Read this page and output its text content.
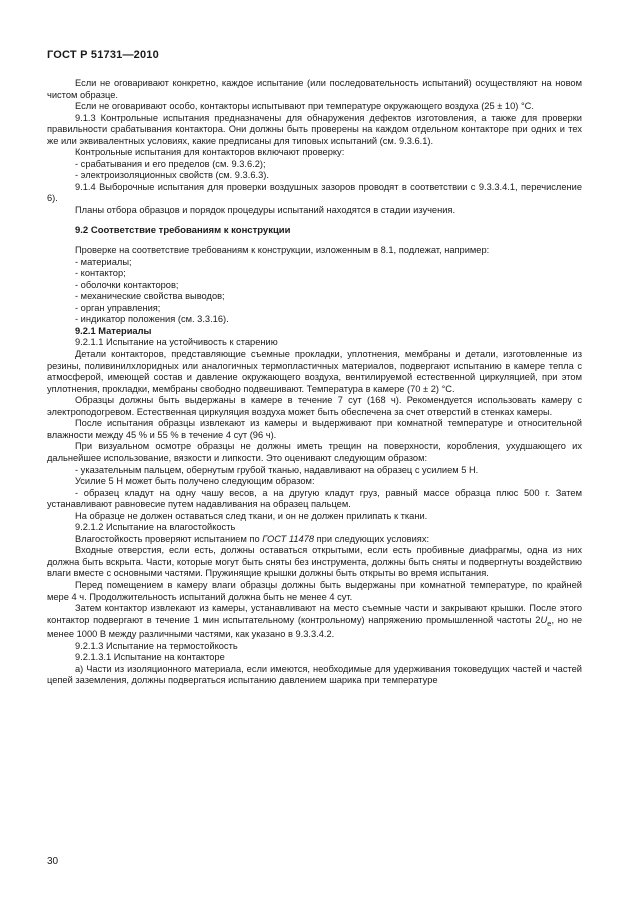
ГОСТ Р 51731—2010

Если не оговаривают конкретно, каждое испытание (или последовательность испытаний) осуществляют на новом чистом образце.

Если не оговаривают особо, контакторы испытывают при температуре окружающего воздуха (25 ± 10) °С.

9.1.3 Контрольные испытания предназначены для обнаружения дефектов изготовления, а также для проверки правильности срабатывания контактора. Они должны быть проверены на каждом отдельном контакторе при одних и тех же или эквивалентных условиях, какие предписаны для типовых испытаний (см. 9.3.6.1).

Контрольные испытания для контакторов включают проверку:

- срабатывания и его пределов (см. 9.3.6.2);

- электроизоляционных свойств (см. 9.3.6.3).

9.1.4 Выборочные испытания для проверки воздушных зазоров проводят в соответствии с 9.3.3.4.1, перечисление 6).

Планы отбора образцов и порядок процедуры испытаний находятся в стадии изучения.

9.2 Соответствие требованиям к конструкции

Проверке на соответствие требованиям к конструкции, изложенным в 8.1, подлежат, например:

- материалы;

- контактор;

- оболочки контакторов;

- механические свойства выводов;

- орган управления;

- индикатор положения (см. 3.3.16).

9.2.1 Материалы

9.2.1.1 Испытание на устойчивость к старению

Детали контакторов, представляющие съемные прокладки, уплотнения, мембраны и детали, изготовленные из резины, поливинилхлоридных или аналогичных термопластичных материалов, подвергают испытанию в камере тепла с атмосферой, имеющей состав и давление окружающего воздуха, вентилируемой естественной циркуляцией, при этом уплотнения, прокладки, мембраны свободно подвешивают. Температура в камере (70 ± 2) °С.

Образцы должны быть выдержаны в камере в течение 7 сут (168 ч). Рекомендуется использовать камеру с электроподогревом. Естественная циркуляция воздуха может быть обеспечена за счет отверстий в стенках камеры.

После испытания образцы извлекают из камеры и выдерживают при комнатной температуре и относительной влажности между 45 % и 55 % в течение 4 сут (96 ч).

При визуальном осмотре образцы не должны иметь трещин на поверхности, коробления, ухудшающего их дальнейшее использование, вязкости и липкости. Это оценивают следующим образом:

- указательным пальцем, обернутым грубой тканью, надавливают на образец с усилием 5 Н.

Усилие 5 Н может быть получено следующим образом:

- образец кладут на одну чашу весов, а на другую кладут груз, равный массе образца плюс 500 г. Затем устанавливают равновесие путем надавливания на образец пальцем.

На образце не должен оставаться след ткани, и он не должен прилипать к ткани.

9.2.1.2 Испытание на влагостойкость

Влагостойкость проверяют испытанием по ГОСТ 11478 при следующих условиях:

Входные отверстия, если есть, должны оставаться открытыми, если есть пробивные диафрагмы, одна из них должна быть вскрыта. Части, которые могут быть сняты без инструмента, должны быть сняты и подвергнуты воздействию влаги вместе с основными частями. Пружинящие крышки должны быть открыты во время испытания.

Перед помещением в камеру влаги образцы должны быть выдержаны при комнатной температуре, по крайней мере 4 ч. Продолжительность испытаний должна быть не менее 4 сут.

Затем контактор извлекают из камеры, устанавливают на место съемные части и закрывают крышки. После этого контактор подвергают в течение 1 мин испытательному (контрольному) напряжению промышленной частоты $2U_e$, но не менее 1000 В между различными частями, как указано в 9.3.3.4.2.

9.2.1.3 Испытание на термостойкость

9.2.1.3.1 Испытание на контакторе

а) Части из изоляционного материала, если имеются, необходимые для удерживания токоведущих частей и частей цепей заземления, должны подвергаться испытанию давлением шарика при температуре

30
